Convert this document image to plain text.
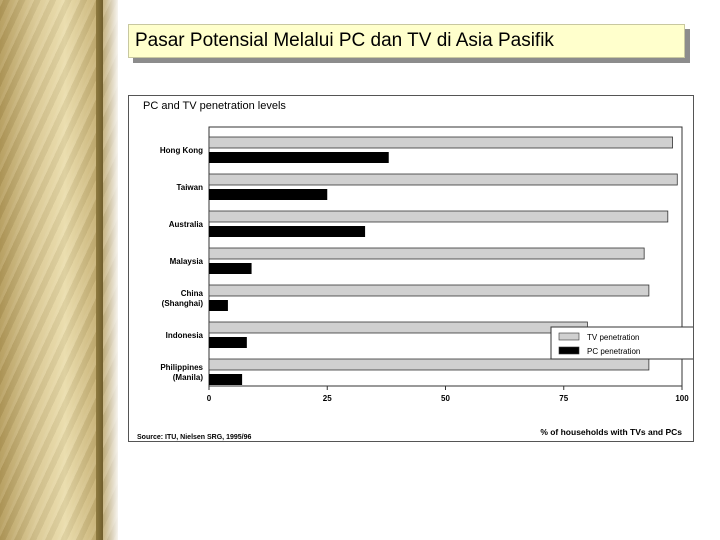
Pasar Potensial Melalui PC dan TV di Asia Pasifik
PC and TV penetration levels
Hong Kong
Taiwan
Australia
Malaysia
China
(Shanghai)
Indonesia
Philippines
(Manila)
0	25	50	75	100
TV penetration
PC penetration
% of households with TVs and PCs
Source: ITU, Nielsen SRG, 1995/96
